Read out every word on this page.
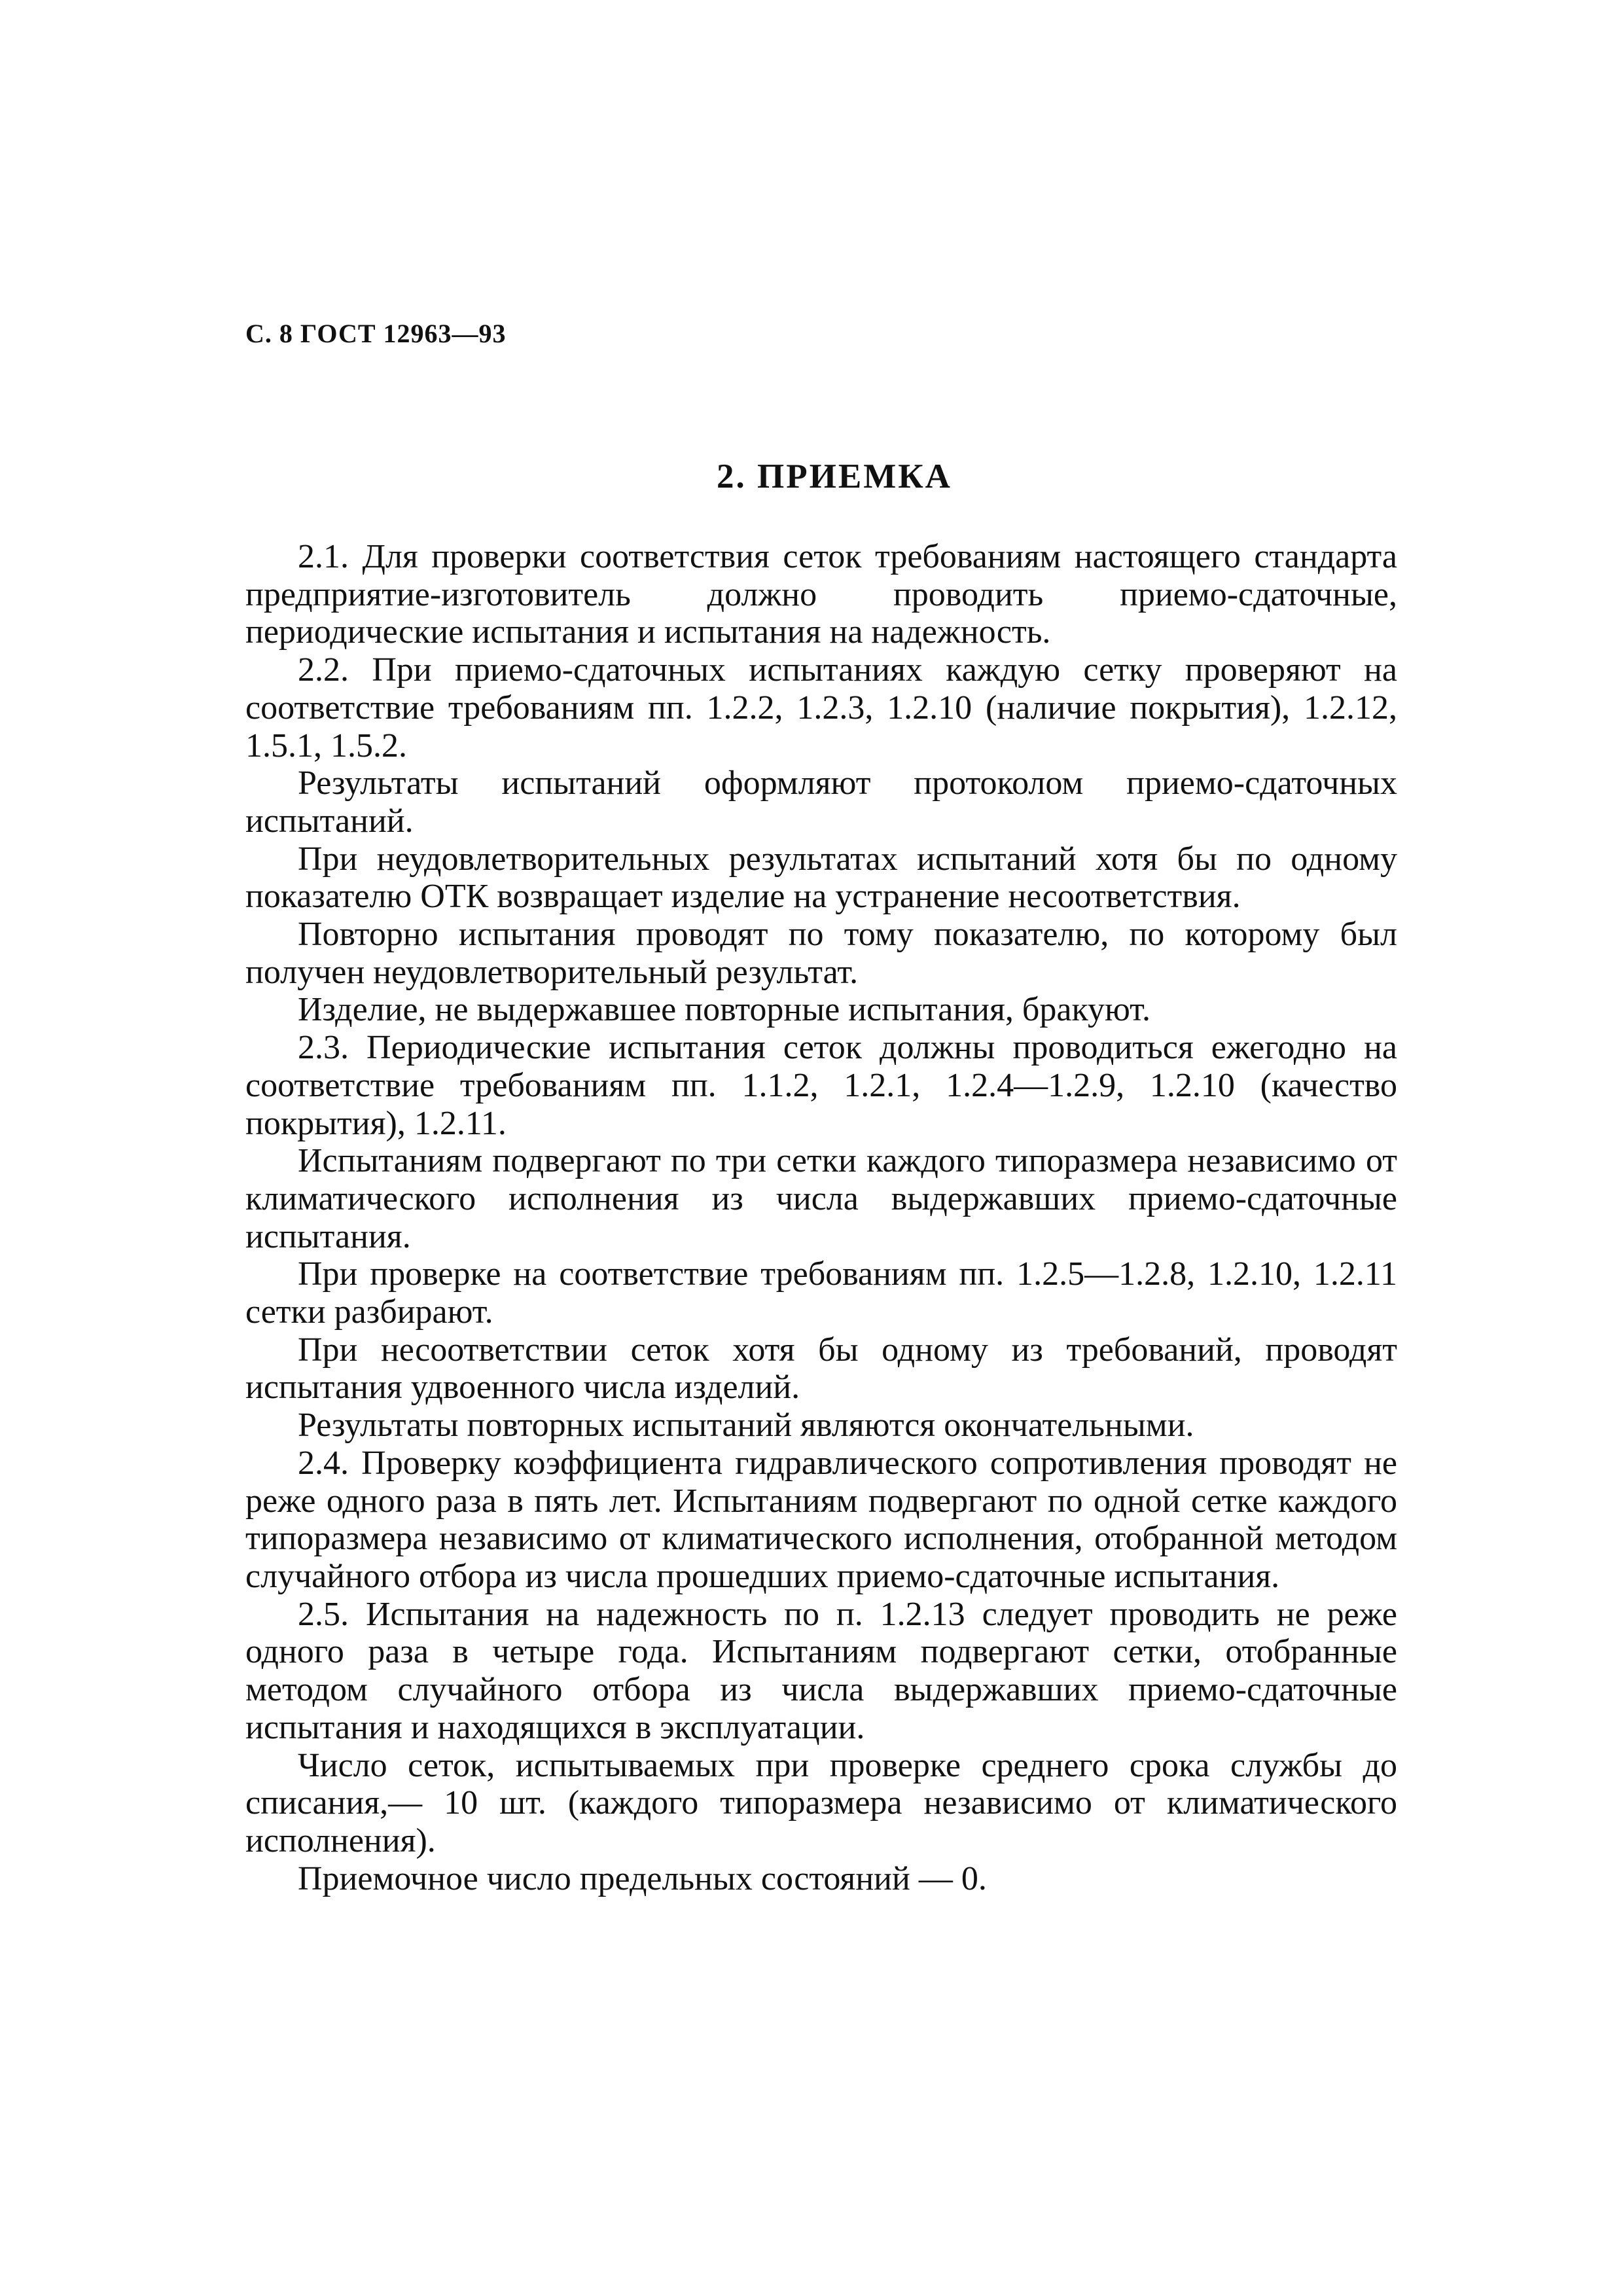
С. 8 ГОСТ 12963—93
2. ПРИЕМКА

2.1. Для проверки соответствия сеток требованиям настоящего стандарта предприятие-изготовитель должно проводить приемо-сдаточные, периодические испытания и испытания на надежность.

2.2. При приемо-сдаточных испытаниях каждую сетку проверяют на соответствие требованиям пп. 1.2.2, 1.2.3, 1.2.10 (наличие покрытия), 1.2.12, 1.5.1, 1.5.2.

Результаты испытаний оформляют протоколом приемо-сдаточных испытаний.

При неудовлетворительных результатах испытаний хотя бы по одному показателю ОТК возвращает изделие на устранение несоответствия.

Повторно испытания проводят по тому показателю, по которому был получен неудовлетворительный результат.

Изделие, не выдержавшее повторные испытания, бракуют.

2.3. Периодические испытания сеток должны проводиться ежегодно на соответствие требованиям пп. 1.1.2, 1.2.1, 1.2.4—1.2.9, 1.2.10 (качество покрытия), 1.2.11.

Испытаниям подвергают по три сетки каждого типоразмера независимо от климатического исполнения из числа выдержавших приемо-сдаточные испытания.

При проверке на соответствие требованиям пп. 1.2.5—1.2.8, 1.2.10, 1.2.11 сетки разбирают.

При несоответствии сеток хотя бы одному из требований, проводят испытания удвоенного числа изделий.

Результаты повторных испытаний являются окончательными.

2.4. Проверку коэффициента гидравлического сопротивления проводят не реже одного раза в пять лет. Испытаниям подвергают по одной сетке каждого типоразмера независимо от климатического исполнения, отобранной методом случайного отбора из числа прошедших приемо-сдаточные испытания.

2.5. Испытания на надежность по п. 1.2.13 следует проводить не реже одного раза в четыре года. Испытаниям подвергают сетки, отобранные методом случайного отбора из числа выдержавших приемо-сдаточные испытания и находящихся в эксплуатации.

Число сеток, испытываемых при проверке среднего срока службы до списания,— 10 шт. (каждого типоразмера независимо от климатического исполнения).

Приемочное число предельных состояний — 0.
